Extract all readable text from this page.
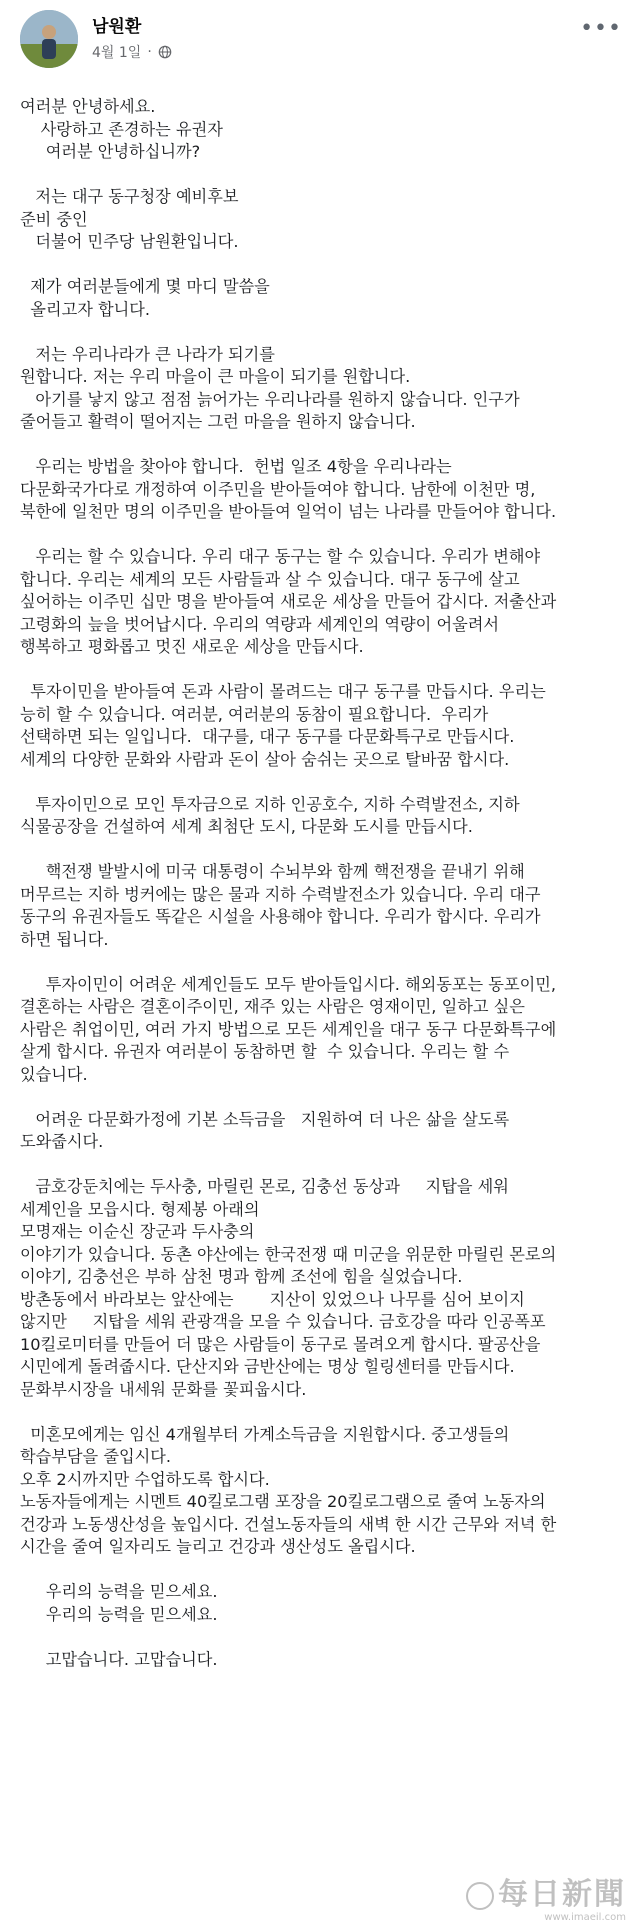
남원환
4월 1일 ·
•••
여러분 안녕하세요.
사랑하고 존경하는 유권자
여러분 안녕하십니까?
저는 대구 동구청장 예비후보
준비 중인
더불어 민주당 남원환입니다.
제가 여러분들에게 몇 마디 말씀을
올리고자 합니다.
저는 우리나라가 큰 나라가 되기를
원합니다. 저는 우리 마을이 큰 마을이 되기를 원합니다.
아기를 낳지 않고 점점 늙어가는 우리나라를 원하지 않습니다. 인구가
줄어들고 활력이 떨어지는 그런 마을을 원하지 않습니다.
우리는 방법을 찾아야 합니다.  헌법 일조 4항을 우리나라는
다문화국가다로 개정하여 이주민을 받아들여야 합니다. 남한에 이천만 명,
북한에 일천만 명의 이주민을 받아들여 일억이 넘는 나라를 만들어야 합니다.
우리는 할 수 있습니다. 우리 대구 동구는 할 수 있습니다. 우리가 변해야
합니다. 우리는 세계의 모든 사람들과 살 수 있습니다. 대구 동구에 살고
싶어하는 이주민 십만 명을 받아들여 새로운 세상을 만들어 갑시다. 저출산과
고령화의 늪을 벗어납시다. 우리의 역량과 세계인의 역량이 어울려서
행복하고 평화롭고 멋진 새로운 세상을 만듭시다.
투자이민을 받아들여 돈과 사람이 몰려드는 대구 동구를 만듭시다. 우리는
능히 할 수 있습니다. 여러분, 여러분의 동참이 필요합니다.  우리가
선택하면 되는 일입니다.  대구를, 대구 동구를 다문화특구로 만듭시다.
세계의 다양한 문화와 사람과 돈이 살아 숨쉬는 곳으로 탈바꿈 합시다.
투자이민으로 모인 투자금으로 지하 인공호수, 지하 수력발전소, 지하
식물공장을 건설하여 세계 최첨단 도시, 다문화 도시를 만듭시다.
핵전쟁 발발시에 미국 대통령이 수뇌부와 함께 핵전쟁을 끝내기 위해
머무르는 지하 벙커에는 많은 물과 지하 수력발전소가 있습니다. 우리 대구
동구의 유권자들도 똑같은 시설을 사용해야 합니다. 우리가 합시다. 우리가
하면 됩니다.
투자이민이 어려운 세계인들도 모두 받아들입시다. 해외동포는 동포이민,
결혼하는 사람은 결혼이주이민, 재주 있는 사람은 영재이민, 일하고 싶은
사람은 취업이민, 여러 가지 방법으로 모든 세계인을 대구 동구 다문화특구에
살게 합시다. 유권자 여러분이 동참하면 할  수 있습니다. 우리는 할 수
있습니다.
어려운 다문화가정에 기본 소득금을   지원하여 더 나은 삶을 살도록
도와줍시다.
금호강둔치에는 두사충, 마릴린 몬로, 김충선 동상과     지탑을 세워
세계인을 모읍시다. 형제봉 아래의
모명재는 이순신 장군과 두사충의
이야기가 있습니다. 동촌 야산에는 한국전쟁 때 미군을 위문한 마릴린 몬로의
이야기, 김충선은 부하 삼천 명과 함께 조선에 힘을 실었습니다.
방촌동에서 바라보는 앞산에는       지산이 있었으나 나무를 심어 보이지
않지만     지탑을 세워 관광객을 모을 수 있습니다. 금호강을 따라 인공폭포
10킬로미터를 만들어 더 많은 사람들이 동구로 몰려오게 합시다. 팔공산을
시민에게 돌려줍시다. 단산지와 금반산에는 명상 힐링센터를 만듭시다.
문화부시장을 내세워 문화를 꽃피웁시다.
미혼모에게는 임신 4개월부터 가계소득금을 지원합시다. 중고생들의
학습부담을 줄입시다.
오후 2시까지만 수업하도록 합시다.
노동자들에게는 시멘트 40킬로그램 포장을 20킬로그램으로 줄여 노동자의
건강과 노동생산성을 높입시다. 건설노동자들의 새벽 한 시간 근무와 저녁 한
시간을 줄여 일자리도 늘리고 건강과 생산성도 올립시다.
우리의 능력을 믿으세요.
우리의 능력을 믿으세요.
고맙습니다. 고맙습니다.
每日新聞
www.imaeil.com
